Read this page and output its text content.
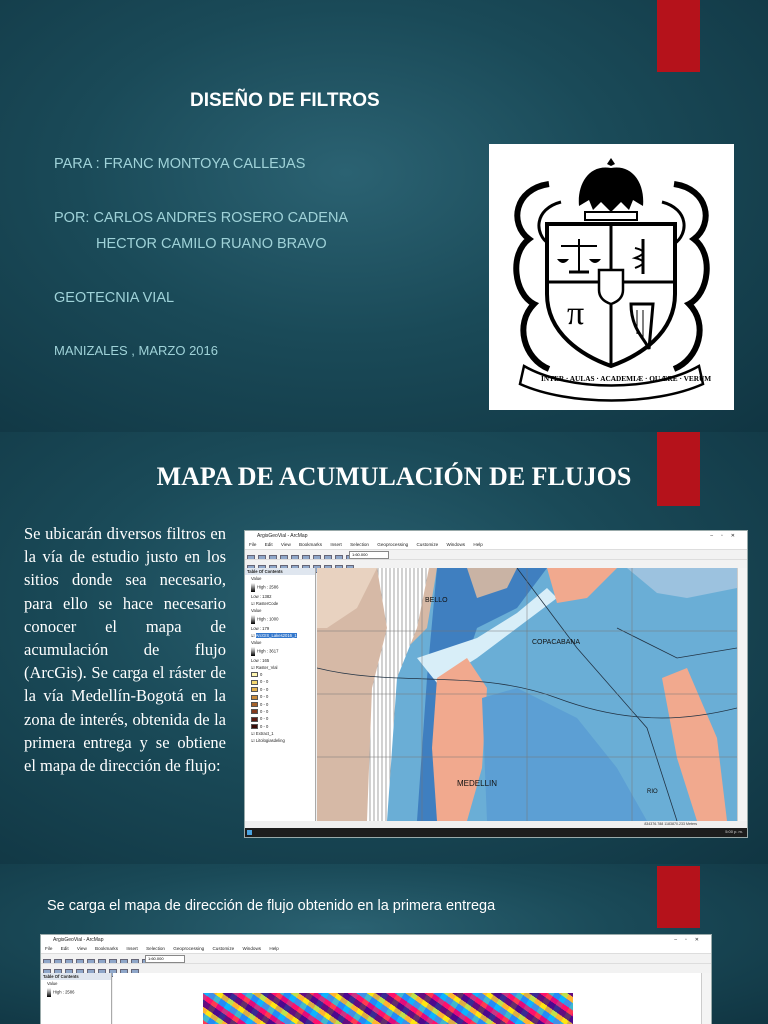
DISEÑO DE FILTROS
PARA : FRANC MONTOYA CALLEJAS
POR: CARLOS ANDRES ROSERO CADENA
HECTOR CAMILO RUANO BRAVO
GEOTECNIA VIAL
MANIZALES , MARZO 2016
π
INTER · AULAS · ACADEMIÆ · QUÆRE · VERUM
MAPA DE ACUMULACIÓN DE FLUJOS
Se ubicarán diversos filtros en la vía de estudio justo en los sitios donde sea necesario, para ello se hace necesario conocer el mapa de acumulación de flujo (ArcGis). Se carga el ráster de la vía Medellín-Bogotá en la zona de interés, obtenida de la primera entrega y se obtiene el mapa de dirección de flujo:
ArgisGeoVial - ArcMap	–▫✕
File Edit View Bookmarks Insert Selection Geoprocessing Customize Windows Help
1:60.000
Table Of Contents
Value
High : 2586
Low : 1382
☑ RasterCode
Value
High : 1000
Low : 179
☑ ArcGIS_Lakes2016_1
Value
High : 3617
Low : 165
☑ Raster_Vial
0
0 - 0
0 - 0
0 - 0
0 - 0
0 - 0
0 - 0
0 - 0
☑ Extract_1
☑ Litologiasdeling
BELLO
COPACABANA
MEDELLIN
RIO
834376.788 1183870.233 Meters
5:00 p. m.
Se carga el mapa de dirección de flujo obtenido en la primera entrega
ArgisGeoVial - ArcMap	–▫✕
File Edit View Bookmarks Insert Selection Geoprocessing Customize Windows Help
1:60.000
Table Of Contents
Value
High : 2586
